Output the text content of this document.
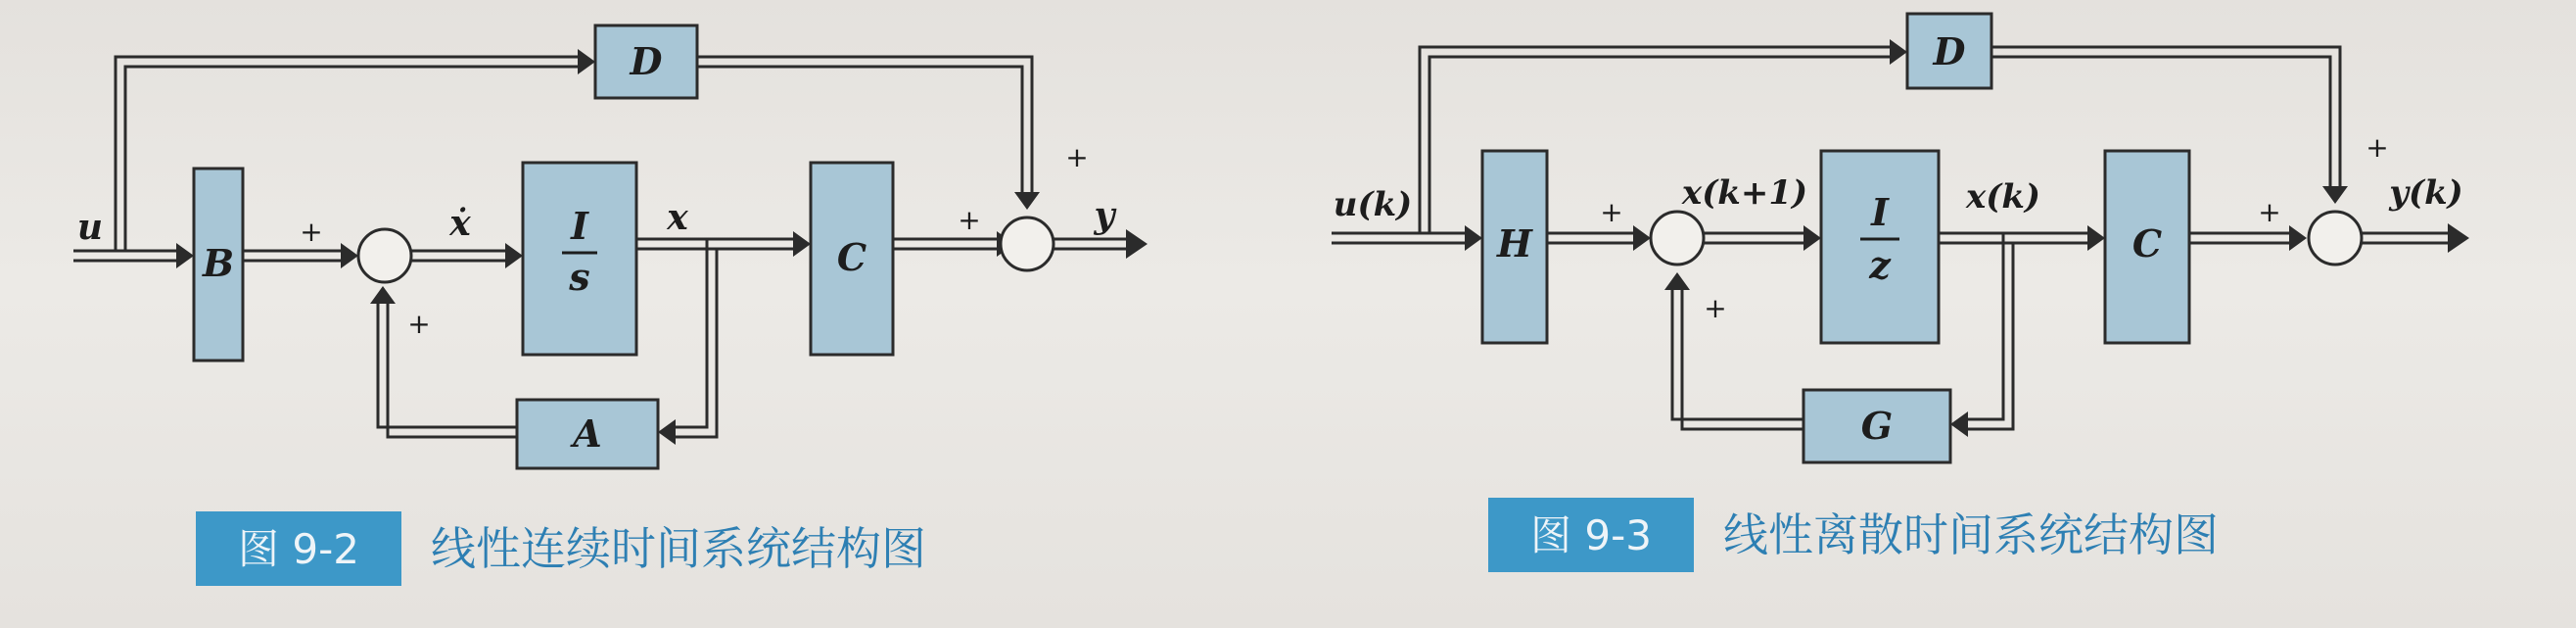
B
D
I
s	C
A
u	ẋ	x	y
+
+
+
+
图 9-2 线性连续时间系统结构图
H
D
I
z	C
G
u(k)	x(k+1)	x(k)	y(k)
+
+
+
+
图 9-3 线性离散时间系统结构图
